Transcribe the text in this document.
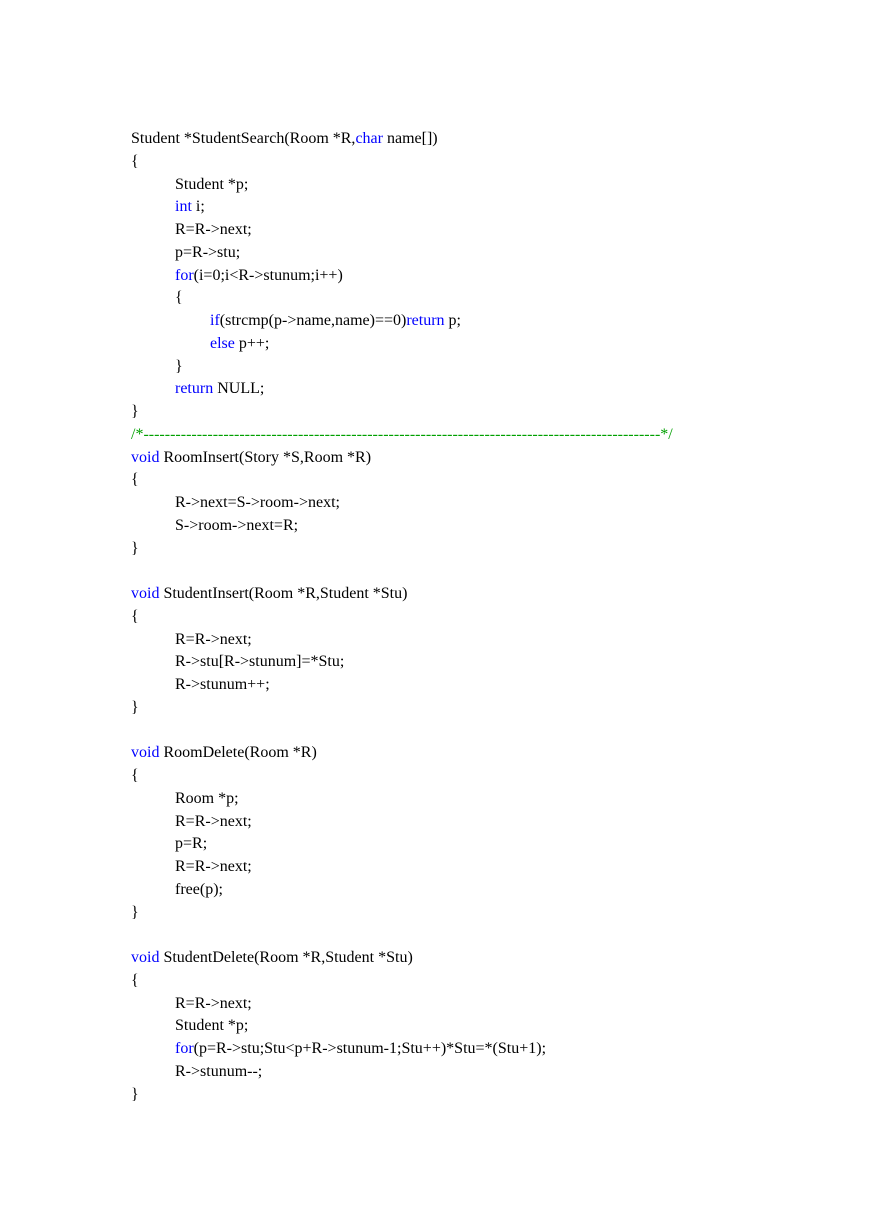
Student *StudentSearch(Room *R,char name[])
{
Student *p;
int i;
R=R->next;
p=R->stu;
for(i=0;i<R->stunum;i++)
{
if(strcmp(p->name,name)==0)return p;
else p++;
}
return NULL;
}
/*-------------------------------------------------------------------------------------------------*/
void RoomInsert(Story *S,Room *R)
{
R->next=S->room->next;
S->room->next=R;
}
void StudentInsert(Room *R,Student *Stu)
{
R=R->next;
R->stu[R->stunum]=*Stu;
R->stunum++;
}
void RoomDelete(Room *R)
{
Room *p;
R=R->next;
p=R;
R=R->next;
free(p);
}
void StudentDelete(Room *R,Student *Stu)
{
R=R->next;
Student *p;
for(p=R->stu;Stu<p+R->stunum-1;Stu++)*Stu=*(Stu+1);
R->stunum--;
}
